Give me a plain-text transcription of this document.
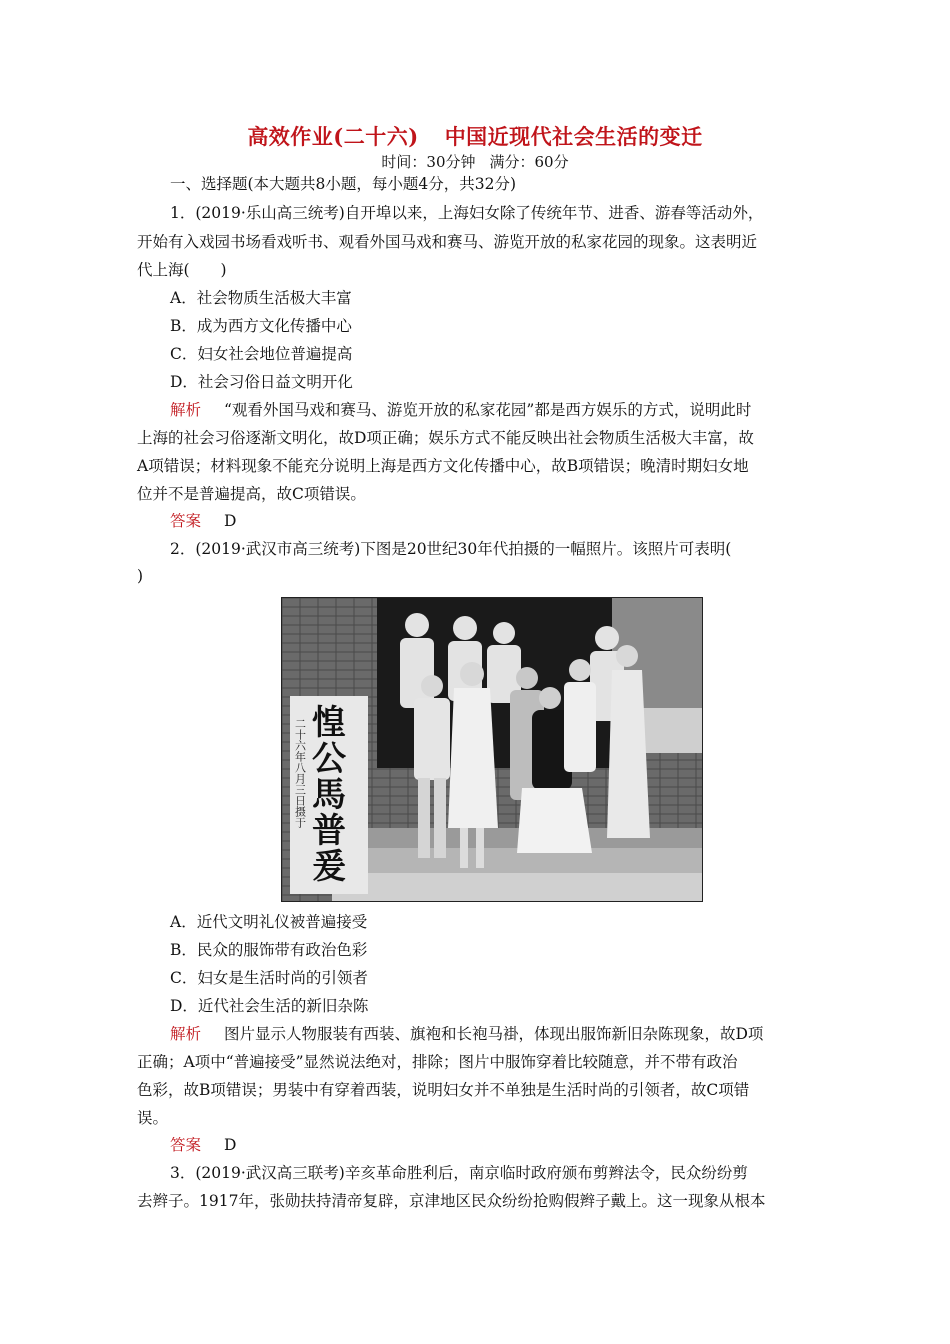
高效作业(二十六) 中国近现代社会生活的变迁
时间：30分钟 满分：60分
一、选择题(本大题共8小题，每小题4分，共32分)
1．(2019·乐山高三统考)自开埠以来，上海妇女除了传统年节、进香、游春等活动外，
开始有入戏园书场看戏听书、观看外国马戏和赛马、游览开放的私家花园的现象。这表明近
代上海(　　)
A．社会物质生活极大丰富
B．成为西方文化传播中心
C．妇女社会地位普遍提高
D．社会习俗日益文明开化
解析 “观看外国马戏和赛马、游览开放的私家花园”都是西方娱乐的方式，说明此时
上海的社会习俗逐渐文明化，故D项正确；娱乐方式不能反映出社会物质生活极大丰富，故
A项错误；材料现象不能充分说明上海是西方文化传播中心，故B项错误；晚清时期妇女地
位并不是普遍提高，故C项错误。
答案 D
2．(2019·武汉市高三统考)下图是20世纪30年代拍摄的一幅照片。该照片可表明(
)
惶
公
馬
普
爰
二十六年八月三日摄于
A．近代文明礼仪被普遍接受
B．民众的服饰带有政治色彩
C．妇女是生活时尚的引领者
D．近代社会生活的新旧杂陈
解析 图片显示人物服装有西装、旗袍和长袍马褂，体现出服饰新旧杂陈现象，故D项
正确；A项中“普遍接受”显然说法绝对，排除；图片中服饰穿着比较随意，并不带有政治
色彩，故B项错误；男装中有穿着西装，说明妇女并不单独是生活时尚的引领者，故C项错
误。
答案 D
3．(2019·武汉高三联考)辛亥革命胜利后，南京临时政府颁布剪辫法令，民众纷纷剪
去辫子。1917年，张勋扶持清帝复辟，京津地区民众纷纷抢购假辫子戴上。这一现象从根本
